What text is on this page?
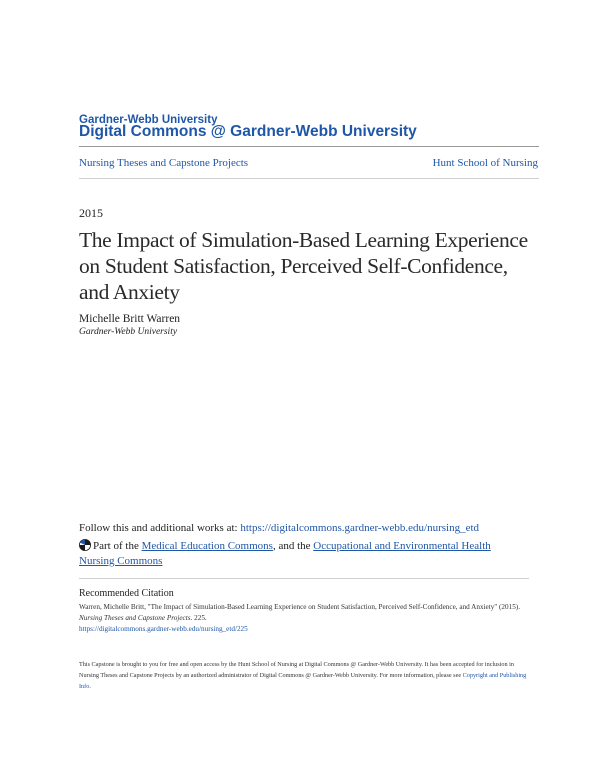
Gardner-Webb University
Digital Commons @ Gardner-Webb University
Nursing Theses and Capstone Projects	Hunt School of Nursing
2015
The Impact of Simulation-Based Learning Experience on Student Satisfaction, Perceived Self-Confidence, and Anxiety
Michelle Britt Warren
Gardner-Webb University
Follow this and additional works at: https://digitalcommons.gardner-webb.edu/nursing_etd
Part of the Medical Education Commons, and the Occupational and Environmental Health Nursing Commons
Recommended Citation
Warren, Michelle Britt, "The Impact of Simulation-Based Learning Experience on Student Satisfaction, Perceived Self-Confidence, and Anxiety" (2015). Nursing Theses and Capstone Projects. 225.
https://digitalcommons.gardner-webb.edu/nursing_etd/225
This Capstone is brought to you for free and open access by the Hunt School of Nursing at Digital Commons @ Gardner-Webb University. It has been accepted for inclusion in Nursing Theses and Capstone Projects by an authorized administrator of Digital Commons @ Gardner-Webb University. For more information, please see Copyright and Publishing Info.
